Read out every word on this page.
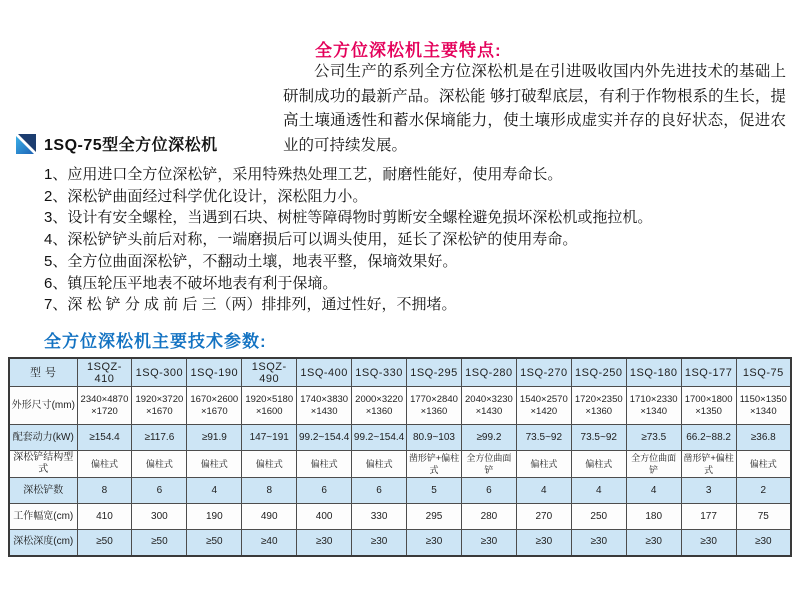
全方位深松机主要特点:
公司生产的系列全方位深松机是在引进吸收国内外先进技术的基础上研制成功的最新产品。深松能 够打破犁底层，有利于作物根系的生长，提高土壤通透性和蓄水保墒能力，使土壤形成虚实并存的良好状态，促进农业的可持续发展。
1SQ-75型全方位深松机
1、应用进口全方位深松铲，采用特殊热处理工艺，耐磨性能好，使用寿命长。
2、深松铲曲面经过科学优化设计，深松阻力小。
3、设计有安全螺栓，当遇到石块、树桩等障碍物时剪断安全螺栓避免损坏深松机或拖拉机。
4、深松铲铲头前后对称，一端磨损后可以调头使用，延长了深松铲的使用寿命。
5、全方位曲面深松铲，不翻动土壤，地表平整，保墒效果好。
6、镇压轮压平地表不破坏地表有利于保墒。
7、深 松 铲 分 成 前 后 三（两）排排列，通过性好，不拥堵。
全方位深松机主要技术参数:
型 号	1SQZ-410	1SQ-300	1SQ-190	1SQZ-490	1SQ-400	1SQ-330	1SQ-295	1SQ-280	1SQ-270	1SQ-250	1SQ-180	1SQ-177	1SQ-75
外形尺寸(mm)	2340×4870 ×1720	1920×3720 ×1670	1670×2600 ×1670	1920×5180 ×1600	1740×3830 ×1430	2000×3220 ×1360	1770×2840 ×1360	2040×3230 ×1430	1540×2570 ×1420	1720×2350 ×1360	1710×2330 ×1340	1700×1800 ×1350	1150×1350 ×1340
配套动力(kW)	≥154.4	≥117.6	≥91.9	147~191	99.2~154.4	99.2~154.4	80.9~103	≥99.2	73.5~92	73.5~92	≥73.5	66.2~88.2	≥36.8
深松铲结构型式	偏柱式	偏柱式	偏柱式	偏柱式	偏柱式	偏柱式	凿形铲+偏柱式	全方位曲面铲	偏柱式	偏柱式	全方位曲面铲	凿形铲+偏柱式	偏柱式
深松铲数	8	6	4	8	6	6	5	6	4	4	4	3	2
工作幅宽(cm)	410	300	190	490	400	330	295	280	270	250	180	177	75
深松深度(cm)	≥50	≥50	≥50	≥40	≥30	≥30	≥30	≥30	≥30	≥30	≥30	≥30	≥30
